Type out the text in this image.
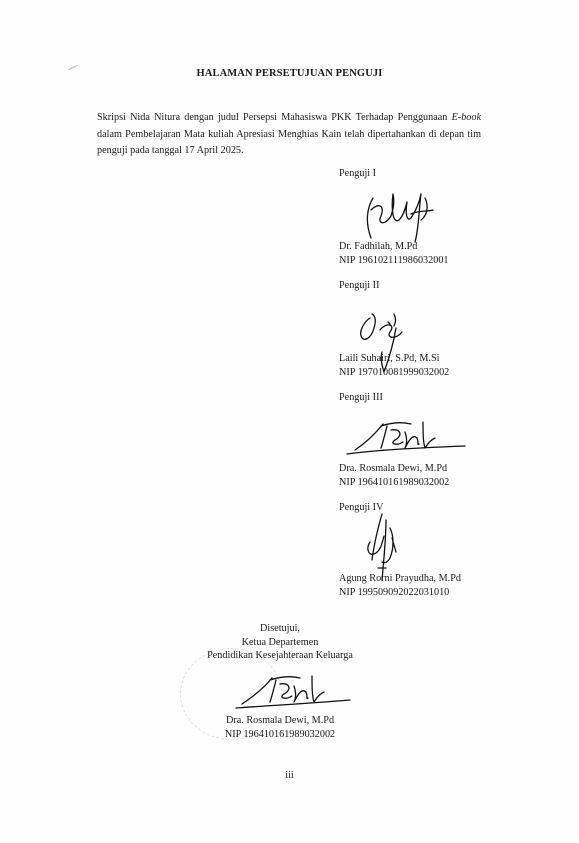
HALAMAN PERSETUJUAN PENGUJI
Skripsi Nida Nitura dengan judul Persepsi Mahasiswa PKK Terhadap Penggunaan E-book dalam Pembelajaran Mata kuliah Apresiasi Menghias Kain telah dipertahankan di depan tim penguji pada tanggal 17 April 2025.
Penguji I
Dr. Fadhilah, M.Pd
NIP 196102111986032001
Penguji II
Laili Suhairi, S.Pd, M.Si
NIP 197010081999032002
Penguji III
Dra. Rosmala Dewi, M.Pd
NIP 196410161989032002
Penguji IV
Agung Rorni Prayudha, M.Pd
NIP 199509092022031010
Disetujui,
Ketua Departemen
Pendidikan Kesejahteraan Keluarga
Dra. Rosmala Dewi, M.Pd
NIP 196410161989032002
iii
